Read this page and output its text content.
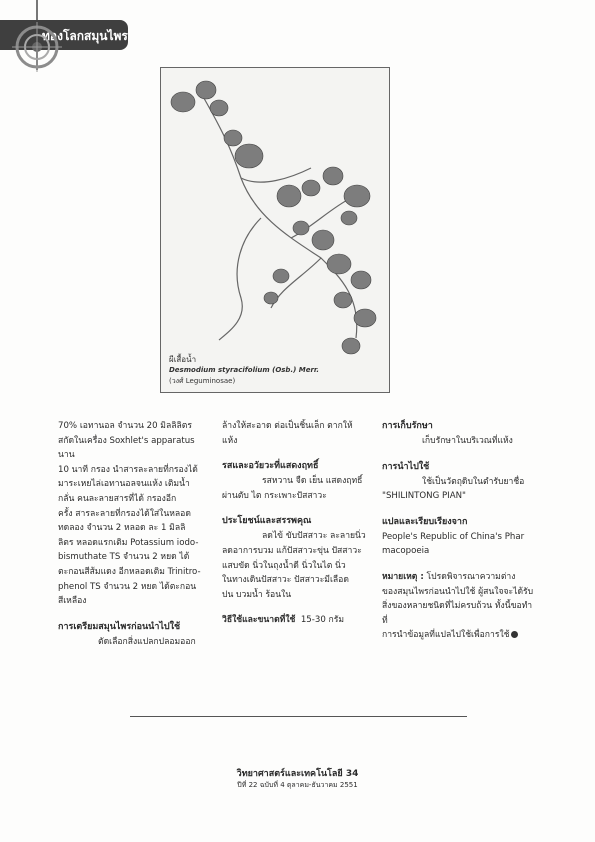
ท่องโลกสมุนไพร
ผีเสื้อน้ำ
Desmodium styracifolium (Osb.) Merr.
(วงศ์ Leguminosae)

70% เอทานอล จำนวน 20 มิลลิลิตร

สกัดในเครื่อง Soxhlet's apparatus นาน

10 นาที กรอง นำสารละลายที่กรองได้

มาระเหยไล่เอทานอลจนแห้ง เติมน้ำ

กลั่น คนละลายสารที่ได้ กรองอีก

ครั้ง สารละลายที่กรองได้ใส่ในหลอด

ทดลอง จำนวน 2 หลอด ละ 1 มิลลิ

ลิตร หลอดแรกเติม Potassium iodo-

bismuthate TS จำนวน 2 หยด ได้

ตะกอนสีส้มแดง อีกหลอดเติม Trinitro-

phenol TS จำนวน 2 หยด ได้ตะกอน

สีเหลือง

การเตรียมสมุนไพรก่อนนำไปใช้

ตัดเลือกสิ่งแปลกปลอมออก

ล้างให้สะอาด ต่อเป็นชิ้นเล็ก ตากให้

แห้ง

รสและอวัยวะที่แสดงฤทธิ์

รสหวาน จืด เย็น แสดงฤทธิ์

ผ่านตับ ไต กระเพาะปัสสาวะ

ประโยชน์และสรรพคุณ

ลดไข้ ขับปัสสาวะ ละลายนิ่ว

ลดอาการบวม แก้ปัสสาวะขุ่น ปัสสาวะ

แสบขัด นิ่วในถุงน้ำดี นิ่วในไต นิ่ว

ในทางเดินปัสสาวะ ปัสสาวะมีเลือด

ปน บวมน้ำ ร้อนใน

วิธีใช้และขนาดที่ใช้ 15-30 กรัม

การเก็บรักษา

เก็บรักษาในบริเวณที่แห้ง

การนำไปใช้

ใช้เป็นวัตถุดิบในตำรับยาชื่อ

"SHILINTONG PIAN"

แปลและเรียบเรียงจาก

People's Republic of China's Phar

macopoeia

หมายเหตุ : โปรดพิจารณาความต่าง

ของสมุนไพรก่อนนำไปใช้ ผู้สนใจจะได้รับ

สิ่งของหลายชนิดที่ไม่ครบถ้วน ทั้งนี้ขอทำที่

การนำข้อมูลที่แปลไปใช้เพื่อการใช้

วิทยาศาสตร์และเทคโนโลยี 34
ปีที่ 22 ฉบับที่ 4 ตุลาคม-ธันวาคม 2551
